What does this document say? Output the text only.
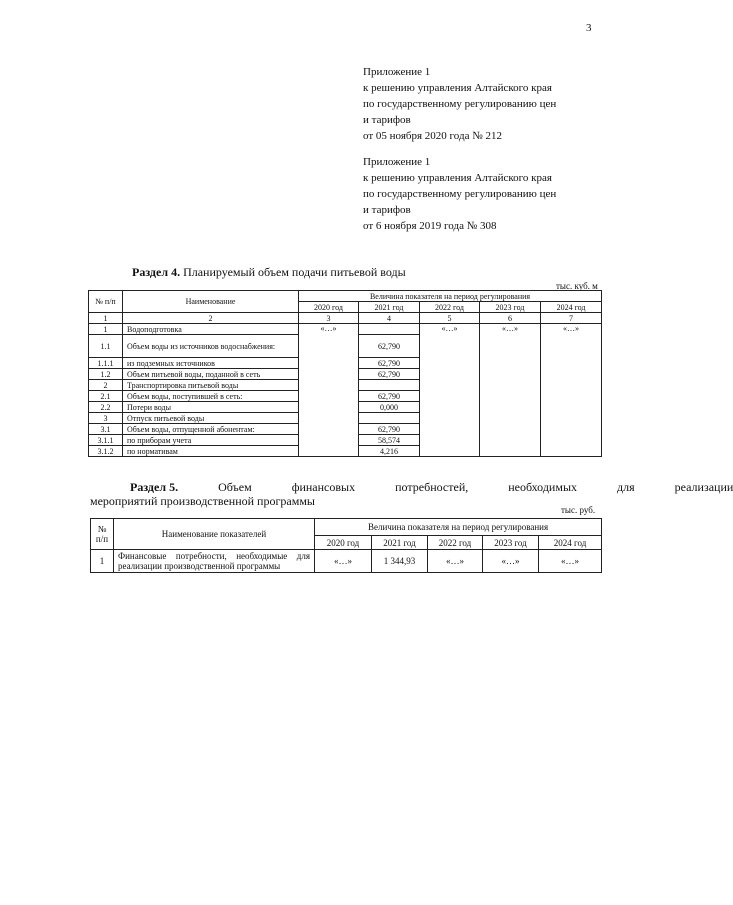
3
Приложение 1
к решению управления Алтайского края
по государственному регулированию цен
и тарифов
от 05 ноября 2020 года № 212
Приложение 1
к решению управления Алтайского края
по государственному регулированию цен
и тарифов
от 6 ноября 2019 года № 308
Раздел 4. Планируемый объем подачи питьевой воды
тыс. куб. м
№ п/п	Наименование	Величина показателя на период регулирования				
		2020 год	2021 год	2022 год	2023 год	2024 год
1	2	3	4	5	6	7
1	Водоподготовка	«…»		«…»	«…»	«…»
1.1	Объем воды из источников водоснабжения:		62,790			
1.1.1	из подземных источников		62,790			
1.2	Объем питьевой воды, поданной в сеть		62,790			
2	Транспортировка питьевой воды					
2.1	Объем воды, поступившей в сеть:		62,790			
2.2	Потери воды		0,000			
3	Отпуск питьевой воды					
3.1	Объем воды, отпущенной абонентам:		62,790			
3.1.1	по приборам учета		58,574			
3.1.2	по нормативам		4,216			
Раздел 5.	Объем	финансовых	потребностей,	необходимых	для	реализации
мероприятий производственной программы
тыс. руб.
№ п/п	Наименование показателей	Величина показателя на период регулирования				
		2020 год	2021 год	2022 год	2023 год	2024 год
1	Финансовые потребности, необходимые для реализации производственной программы	«…»	1 344,93	«…»	«…»	«…»
